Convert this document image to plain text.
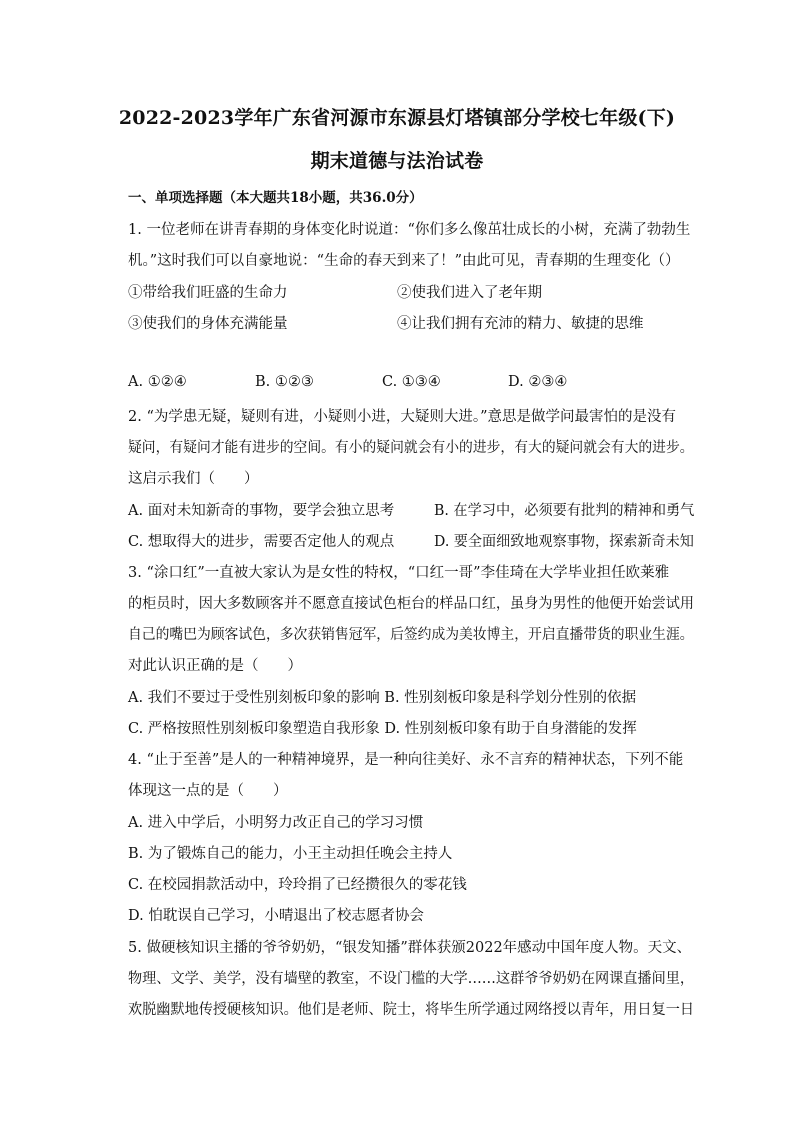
2022-2023学年广东省河源市东源县灯塔镇部分学校七年级(下)
期末道德与法治试卷
一、单项选择题（本大题共18小题，共36.0分）
1. 一位老师在讲青春期的身体变化时说道：“你们多么像茁壮成长的小树，充满了勃勃生
机。”这时我们可以自豪地说：“生命的春天到来了！”由此可见，青春期的生理变化（）
①带给我们旺盛的生命力	②使我们进入了老年期
③使我们的身体充满能量	④让我们拥有充沛的精力、敏捷的思维
A. ①②④	B. ①②③	C. ①③④	D. ②③④
2. “为学患无疑，疑则有进，小疑则小进，大疑则大进。”意思是做学问最害怕的是没有
疑问，有疑问才能有进步的空间。有小的疑问就会有小的进步，有大的疑问就会有大的进步。
这启示我们（　　）
A. 面对未知新奇的事物，要学会独立思考	B. 在学习中，必须要有批判的精神和勇气
C. 想取得大的进步，需要否定他人的观点	D. 要全面细致地观察事物，探索新奇未知
3. “涂口红”一直被大家认为是女性的特权，“口红一哥”李佳琦在大学毕业担任欧莱雅
的柜员时，因大多数顾客并不愿意直接试色柜台的样品口红，虽身为男性的他便开始尝试用
自己的嘴巴为顾客试色，多次获销售冠军，后签约成为美妆博主，开启直播带货的职业生涯。
对此认识正确的是（　　）
A. 我们不要过于受性别刻板印象的影响 B. 性别刻板印象是科学划分性别的依据
C. 严格按照性别刻板印象塑造自我形象 D. 性别刻板印象有助于自身潜能的发挥
4. “止于至善”是人的一种精神境界，是一种向往美好、永不言弃的精神状态，下列不能
体现这一点的是（　　）
A. 进入中学后，小明努力改正自己的学习习惯
B. 为了锻炼自己的能力，小王主动担任晚会主持人
C. 在校园捐款活动中，玲玲捐了已经攒很久的零花钱
D. 怕耽误自己学习，小晴退出了校志愿者协会
5. 做硬核知识主播的爷爷奶奶，“银发知播”群体获颁2022年感动中国年度人物。天文、
物理、文学、美学，没有墙壁的教室，不设门槛的大学……这群爷爷奶奶在网课直播间里，
欢脱幽默地传授硬核知识。他们是老师、院士，将毕生所学通过网络授以青年，用日复一日
